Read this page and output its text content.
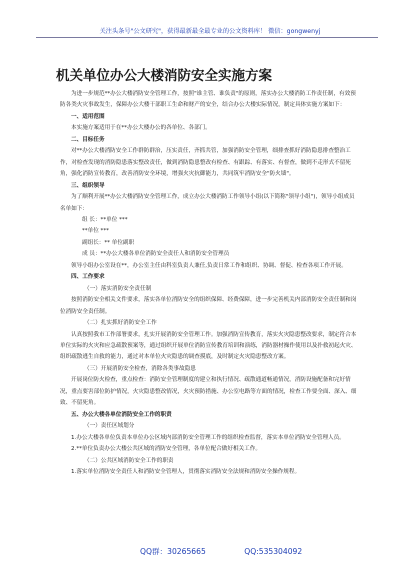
关注头条号"公文研究"，获得最新最全最专业的公文资料库！ 微信：gongwenyj
机关单位办公大楼消防安全实施方案

为进一步规范**办公大楼消防安全管理工作，按照"谁主管、谁负责"的原则，落实办公大楼消防工作责任制，有效预防各类火灾事故发生，保障办公大楼干部职工生命和财产的安全，结合办公大楼实际情况，制定具体实施方案如下：

一、适用范围

本实施方案适用于在**办公大楼办公的各单位、各部门。

二、目标任务

对**办公大楼消防安全工作群防群治，压实责任，齐抓共管，加强消防安全管理，细排查抓好消防隐患排查整治工作，对检查发现的消防隐患落实整改责任，做到消防隐患整改有检查、有跟踪、有落实、有督查，做到不走形式不留死角，强化消防宣传教育，改善消防安全环境，增强火灾抗御能力，共同筑牢消防安全"防火墙"。

三、组织领导

为了顺利开展**办公大楼消防安全管理工作，成立办公大楼消防工作领导小组(以下简称"领导小组")，领导小组成员名单如下：

组 长：**单位 ***

**单位 ***

副组长：** 单位副职

成 员：**办公大楼各单位消防安全责任人和消防安全管理员

领导小组办公室设在**，办公室主任由科室负责人兼任,负责日常工作和组织、协调、督促、检查各项工作开展。

四、工作要求

（一）落实消防安全责任制

按照消防安全相关文件要求，落实各单位消防安全的组织保障、经费保障，进一步完善机关内部消防安全责任制和岗位消防安全责任制。

（二）扎实抓好消防安全工作

认真按照我市工作部署要求，扎实开展消防安全管理工作。加强消防宣传教育，落实火灾隐患整改要求，制定符合本单位实际的火灾和应急疏散预案等，通过组织开展单位消防宣传教育培训和演练，消防器材操作使用以及扑救初起火灾、组织疏散逃生自救的能力，通过对本单位火灾隐患的调查摸底，及时制定火灾隐患整改方案。

（三）开展消防安全检查，消除各类事故隐患

开展岗位防火检查，重点检查：消防安全管理制度的建立和执行情况、疏散通道畅通情况，消防设施配备和完好情况，重点要害部位防护情况，火灾隐患整改情况，火灾预防措施、办公室电路等方面的情况，检查工作要全面、深入、细致、不留死角。

五、办公大楼各单位消防安全工作的职责

（一）责任区域划分

1.办公大楼各单位负责本单位办公区域内部消防安全管理工作的组织检查监督，落实本单位消防安全管理人员。

2.**单位负责办公大楼公共区域的消防安全管理，各单位配合做好相关工作。

（二）公共区域消防安全工作的职责

1.落实单位消防安全责任人和消防安全管理人，贯彻落实消防安全法规和消防安全操作规程。

QQ群：30265665	QQ:535304092
